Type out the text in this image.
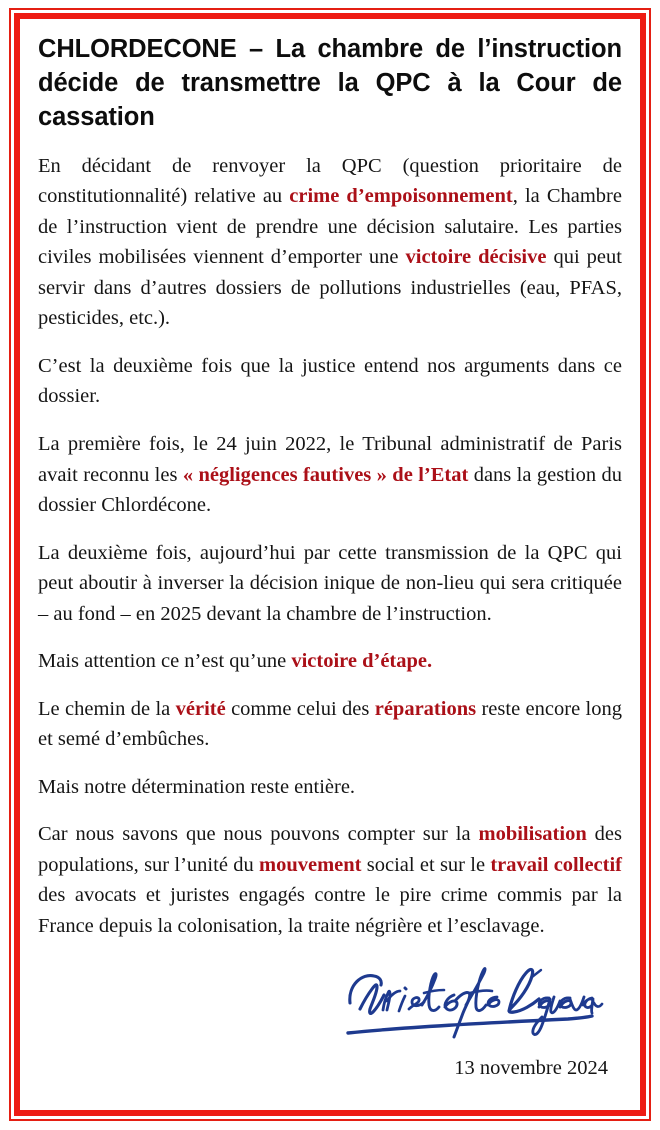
CHLORDECONE – La chambre de l’instruction décide de transmettre la QPC à la Cour de cassation

En décidant de renvoyer la QPC (question prioritaire de constitutionnalité) relative au crime d’empoisonnement, la Chambre de l’instruction vient de prendre une décision salutaire. Les parties civiles mobilisées viennent d’emporter une victoire décisive qui peut servir dans d’autres dossiers de pollutions industrielles (eau, PFAS, pesticides, etc.).

C’est la deuxième fois que la justice entend nos arguments dans ce dossier.

La première fois, le 24 juin 2022, le Tribunal administratif de Paris avait reconnu les « négligences fautives » de l’Etat dans la gestion du dossier Chlordécone.

La deuxième fois, aujourd’hui par cette transmission de la QPC qui peut aboutir à inverser la décision inique de non-lieu qui sera critiquée – au fond – en 2025 devant la chambre de l’instruction.

Mais attention ce n’est qu’une victoire d’étape.

Le chemin de la vérité comme celui des réparations reste encore long et semé d’embûches.

Mais notre détermination reste entière.

Car nous savons que nous pouvons compter sur la mobilisation des populations, sur l’unité du mouvement social et sur le travail collectif des avocats et juristes engagés contre le pire crime commis par la France depuis la colonisation, la traite négrière et l’esclavage.

13 novembre 2024
